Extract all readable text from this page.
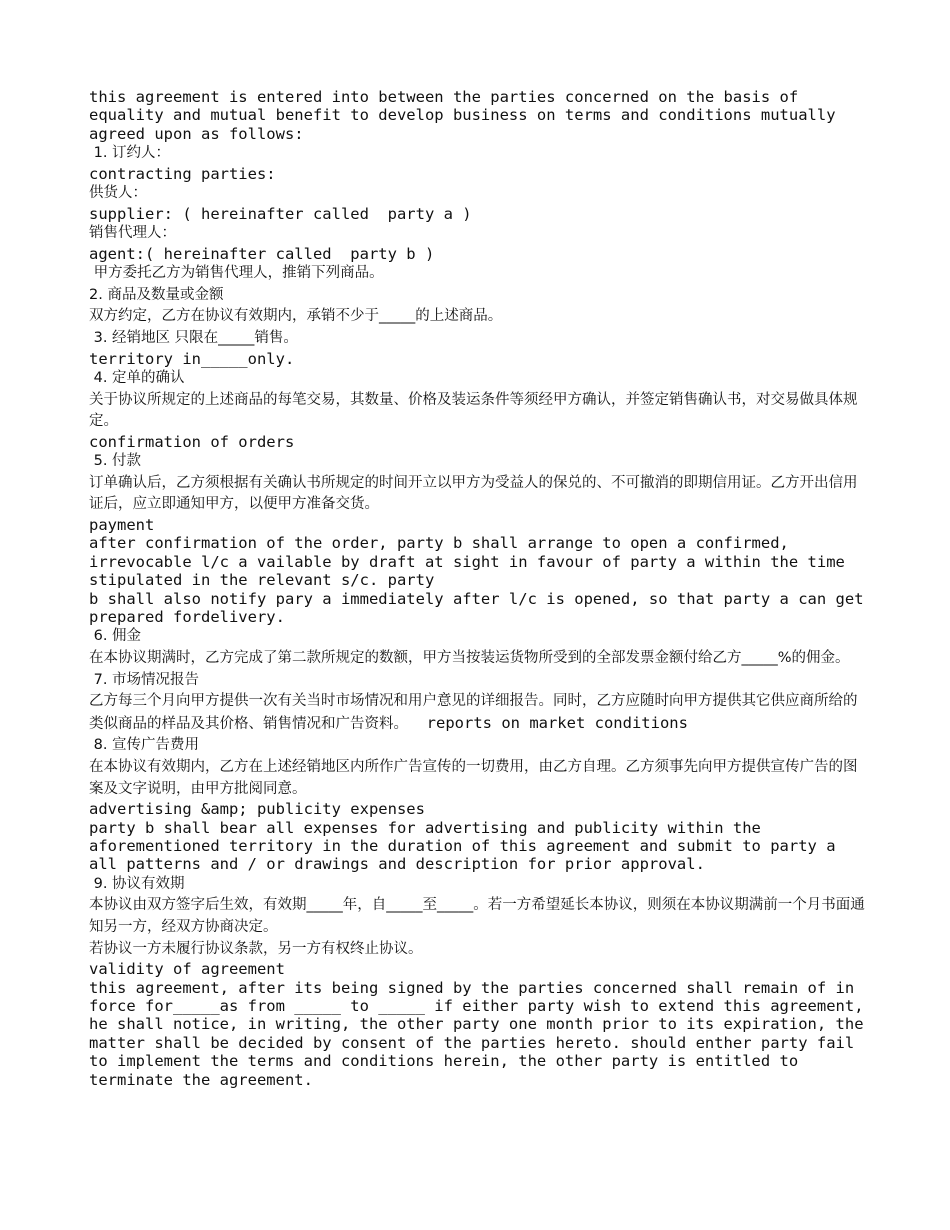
this agreement is entered into between the parties concerned on the basis of equality and mutual benefit to develop business on terms and conditions mutually agreed upon as follows:

1. 订约人：

contracting parties:

供货人：

supplier: ( hereinafter called  party a )

销售代理人：

agent:( hereinafter called  party b )

甲方委托乙方为销售代理人，推销下列商品。

2. 商品及数量或金额

双方约定，乙方在协议有效期内，承销不少于_____的上述商品。

3. 经销地区 只限在_____销售。

territory in_____only.

4. 定单的确认

关于协议所规定的上述商品的每笔交易，其数量、价格及装运条件等须经甲方确认，并签定销售确认书，对交易做具体规定。

confirmation of orders

5. 付款

订单确认后，乙方须根据有关确认书所规定的时间开立以甲方为受益人的保兑的、不可撤消的即期信用证。乙方开出信用证后，应立即通知甲方，以便甲方准备交货。

payment

after confirmation of the order, party b shall arrange to open a confirmed, irrevocable l/c a vailable by draft at sight in favour of party a within the time stipulated in the relevant s/c. party

b shall also notify pary a immediately after l/c is opened, so that party a can get prepared fordelivery.

6. 佣金

在本协议期满时，乙方完成了第二款所规定的数额，甲方当按装运货物所受到的全部发票金额付给乙方_____%的佣金。

7. 市场情况报告

乙方每三个月向甲方提供一次有关当时市场情况和用户意见的详细报告。同时，乙方应随时向甲方提供其它供应商所给的类似商品的样品及其价格、销售情况和广告资料。  reports on market conditions

8. 宣传广告费用

在本协议有效期内，乙方在上述经销地区内所作广告宣传的一切费用，由乙方自理。乙方须事先向甲方提供宣传广告的图案及文字说明，由甲方批阅同意。

advertising &amp; publicity expenses

party b shall bear all expenses for advertising and publicity within the aforementioned territory in the duration of this agreement and submit to party a all patterns and / or drawings and description for prior approval.

9. 协议有效期

本协议由双方签字后生效，有效期_____年，自_____至_____。若一方希望延长本协议，则须在本协议期满前一个月书面通知另一方，经双方协商决定。

若协议一方未履行协议条款，另一方有权终止协议。

validity of agreement

this agreement, after its being signed by the parties concerned shall remain of in force for_____as from _____ to _____ if either party wish to extend this agreement, he shall notice, in writing, the other party one month prior to its expiration, the matter shall be decided by consent of the parties hereto. should enther party fail to implement the terms and conditions herein, the other party is entitled to terminate the agreement.
